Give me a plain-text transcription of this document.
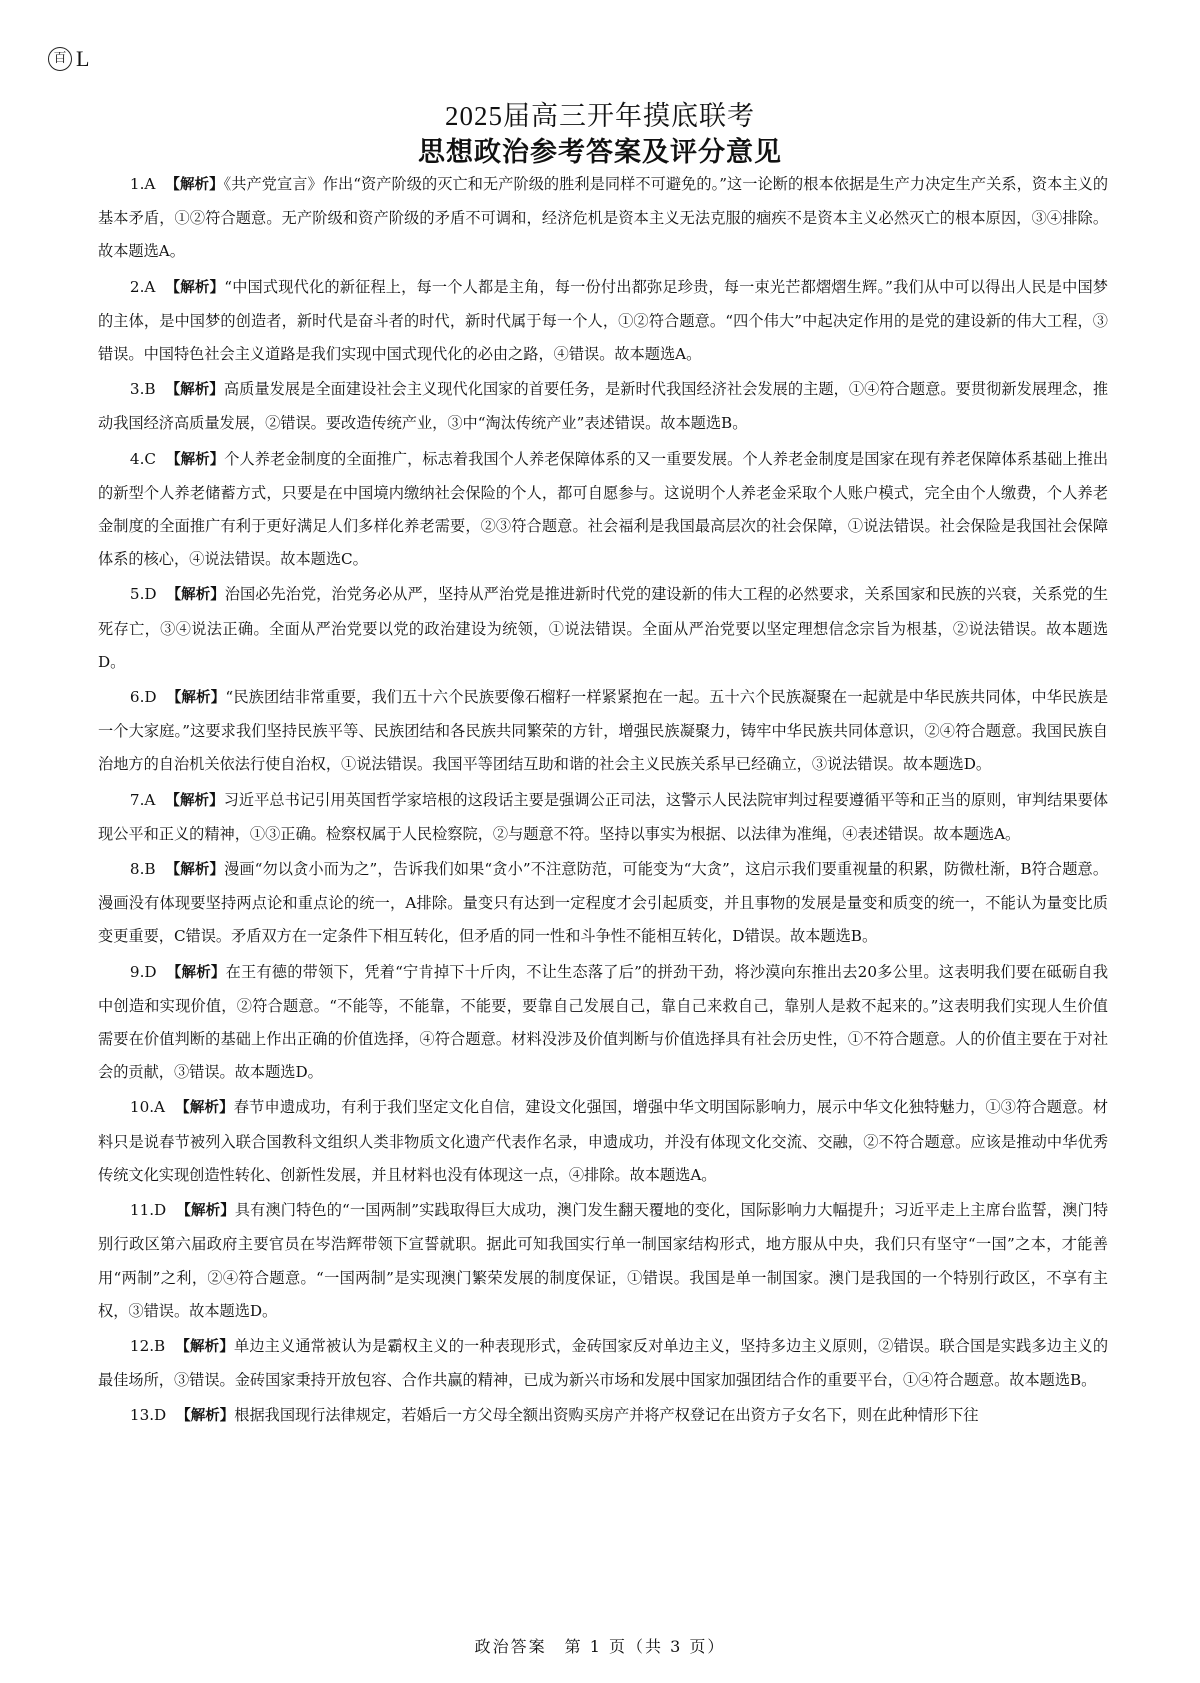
百 L
2025届高三开年摸底联考
思想政治参考答案及评分意见

1.A 【解析】《共产党宣言》作出“资产阶级的灭亡和无产阶级的胜利是同样不可避免的。”这一论断的根本依据是生产力决定生产关系，资本主义的基本矛盾，①②符合题意。无产阶级和资产阶级的矛盾不可调和，经济危机是资本主义无法克服的痼疾不是资本主义必然灭亡的根本原因，③④排除。故本题选A。

2.A 【解析】“中国式现代化的新征程上，每一个人都是主角，每一份付出都弥足珍贵，每一束光芒都熠熠生辉。”我们从中可以得出人民是中国梦的主体，是中国梦的创造者，新时代是奋斗者的时代，新时代属于每一个人，①②符合题意。“四个伟大”中起决定作用的是党的建设新的伟大工程，③错误。中国特色社会主义道路是我们实现中国式现代化的必由之路，④错误。故本题选A。

3.B 【解析】高质量发展是全面建设社会主义现代化国家的首要任务，是新时代我国经济社会发展的主题，①④符合题意。要贯彻新发展理念，推动我国经济高质量发展，②错误。要改造传统产业，③中“淘汰传统产业”表述错误。故本题选B。

4.C 【解析】个人养老金制度的全面推广，标志着我国个人养老保障体系的又一重要发展。个人养老金制度是国家在现有养老保障体系基础上推出的新型个人养老储蓄方式，只要是在中国境内缴纳社会保险的个人，都可自愿参与。这说明个人养老金采取个人账户模式，完全由个人缴费，个人养老金制度的全面推广有利于更好满足人们多样化养老需要，②③符合题意。社会福利是我国最高层次的社会保障，①说法错误。社会保险是我国社会保障体系的核心，④说法错误。故本题选C。

5.D 【解析】治国必先治党，治党务必从严，坚持从严治党是推进新时代党的建设新的伟大工程的必然要求，关系国家和民族的兴衰，关系党的生死存亡，③④说法正确。全面从严治党要以党的政治建设为统领，①说法错误。全面从严治党要以坚定理想信念宗旨为根基，②说法错误。故本题选D。

6.D 【解析】“民族团结非常重要，我们五十六个民族要像石榴籽一样紧紧抱在一起。五十六个民族凝聚在一起就是中华民族共同体，中华民族是一个大家庭。”这要求我们坚持民族平等、民族团结和各民族共同繁荣的方针，增强民族凝聚力，铸牢中华民族共同体意识，②④符合题意。我国民族自治地方的自治机关依法行使自治权，①说法错误。我国平等团结互助和谐的社会主义民族关系早已经确立，③说法错误。故本题选D。

7.A 【解析】习近平总书记引用英国哲学家培根的这段话主要是强调公正司法，这警示人民法院审判过程要遵循平等和正当的原则，审判结果要体现公平和正义的精神，①③正确。检察权属于人民检察院，②与题意不符。坚持以事实为根据、以法律为准绳，④表述错误。故本题选A。

8.B 【解析】漫画“勿以贪小而为之”，告诉我们如果“贪小”不注意防范，可能变为“大贪”，这启示我们要重视量的积累，防微杜渐，B符合题意。漫画没有体现要坚持两点论和重点论的统一，A排除。量变只有达到一定程度才会引起质变，并且事物的发展是量变和质变的统一，不能认为量变比质变更重要，C错误。矛盾双方在一定条件下相互转化，但矛盾的同一性和斗争性不能相互转化，D错误。故本题选B。

9.D 【解析】在王有德的带领下，凭着“宁肯掉下十斤肉，不让生态落了后”的拼劲干劲，将沙漠向东推出去20多公里。这表明我们要在砥砺自我中创造和实现价值，②符合题意。“不能等，不能靠，不能要，要靠自己发展自己，靠自己来救自己，靠别人是救不起来的。”这表明我们实现人生价值需要在价值判断的基础上作出正确的价值选择，④符合题意。材料没涉及价值判断与价值选择具有社会历史性，①不符合题意。人的价值主要在于对社会的贡献，③错误。故本题选D。

10.A 【解析】春节申遗成功，有利于我们坚定文化自信，建设文化强国，增强中华文明国际影响力，展示中华文化独特魅力，①③符合题意。材料只是说春节被列入联合国教科文组织人类非物质文化遗产代表作名录，申遗成功，并没有体现文化交流、交融，②不符合题意。应该是推动中华优秀传统文化实现创造性转化、创新性发展，并且材料也没有体现这一点，④排除。故本题选A。

11.D 【解析】具有澳门特色的“一国两制”实践取得巨大成功，澳门发生翻天覆地的变化，国际影响力大幅提升；习近平走上主席台监誓，澳门特别行政区第六届政府主要官员在岑浩辉带领下宣誓就职。据此可知我国实行单一制国家结构形式，地方服从中央，我们只有坚守“一国”之本，才能善用“两制”之利，②④符合题意。“一国两制”是实现澳门繁荣发展的制度保证，①错误。我国是单一制国家。澳门是我国的一个特别行政区，不享有主权，③错误。故本题选D。

12.B 【解析】单边主义通常被认为是霸权主义的一种表现形式，金砖国家反对单边主义，坚持多边主义原则，②错误。联合国是实践多边主义的最佳场所，③错误。金砖国家秉持开放包容、合作共赢的精神，已成为新兴市场和发展中国家加强团结合作的重要平台，①④符合题意。故本题选B。

13.D 【解析】根据我国现行法律规定，若婚后一方父母全额出资购买房产并将产权登记在出资方子女名下，则在此种情形下往

政治答案　第 1 页（共 3 页）
